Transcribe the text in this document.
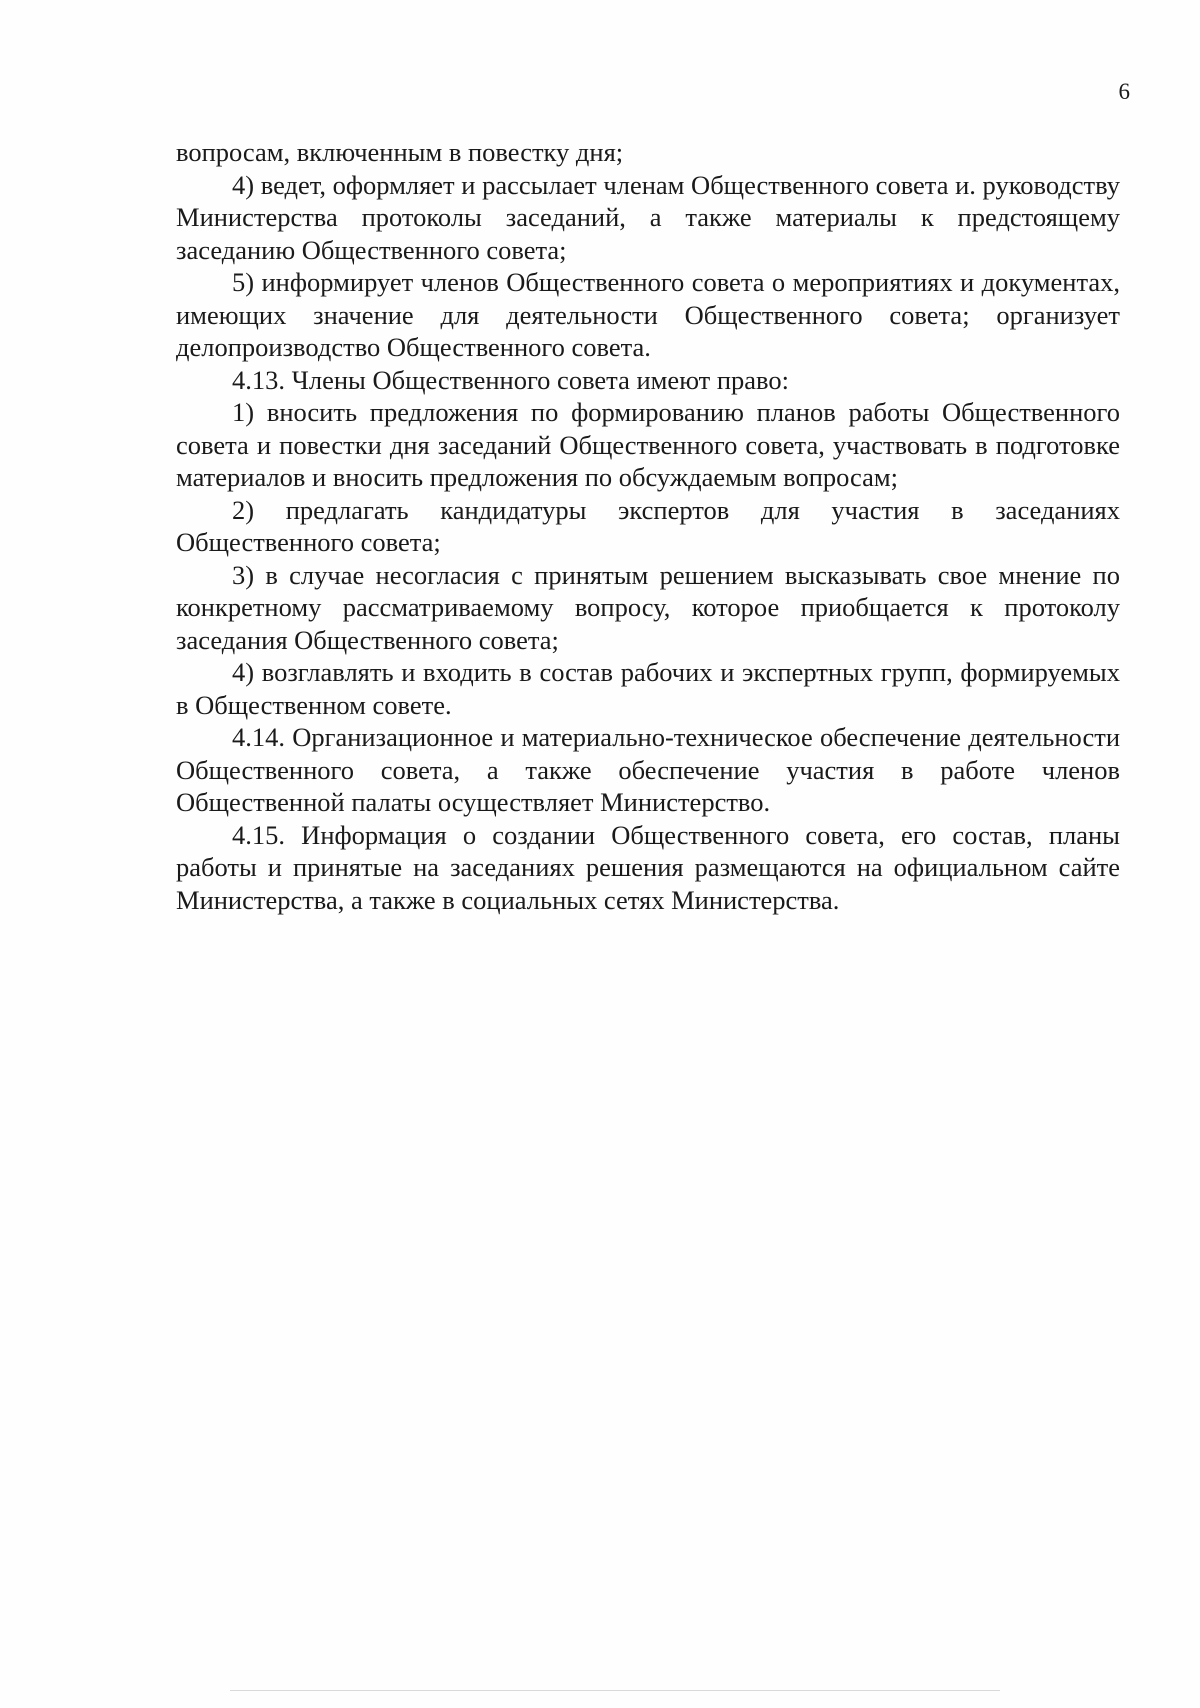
6

вопросам, включенным в повестку дня;

4) ведет, оформляет и рассылает членам Общественного совета и. руководству Министерства протоколы заседаний, а также материалы к предстоящему заседанию Общественного совета;

5) информирует членов Общественного совета о мероприятиях и документах, имеющих значение для деятельности Общественного совета; организует делопроизводство Общественного совета.

4.13. Члены Общественного совета имеют право:

1) вносить предложения по формированию планов работы Общественного совета и повестки дня заседаний Общественного совета, участвовать в подготовке материалов и вносить предложения по обсуждаемым вопросам;

2) предлагать кандидатуры экспертов для участия в заседаниях Общественного совета;

3) в случае несогласия с принятым решением высказывать свое мнение по конкретному рассматриваемому вопросу, которое приобщается к протоколу заседания Общественного совета;

4) возглавлять и входить в состав рабочих и экспертных групп, формируемых в Общественном совете.

4.14. Организационное и материально-техническое обеспечение деятельности Общественного совета, а также обеспечение участия в работе членов Общественной палаты осуществляет Министерство.

4.15. Информация о создании Общественного совета, его состав, планы работы и принятые на заседаниях решения размещаются на официальном сайте Министерства, а также в социальных сетях Министерства.
